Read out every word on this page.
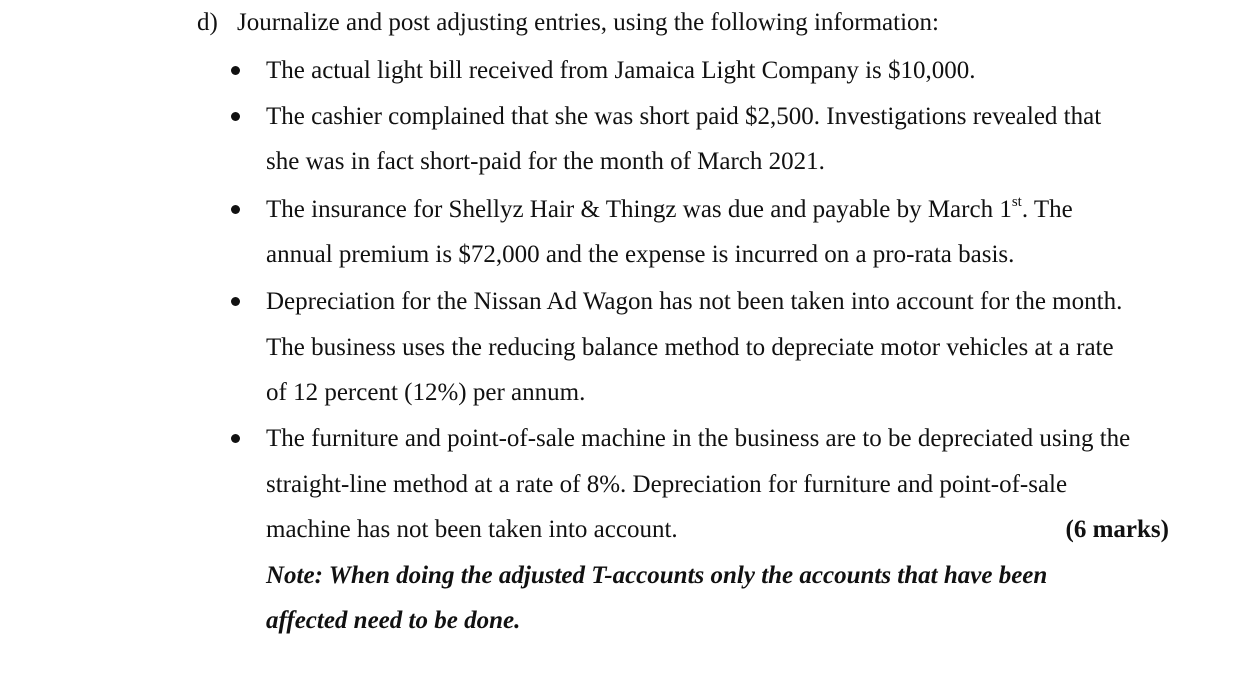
d) Journalize and post adjusting entries, using the following information:
The actual light bill received from Jamaica Light Company is $10,000.
The cashier complained that she was short paid $2,500. Investigations revealed that
she was in fact short-paid for the month of March 2021.
The insurance for Shellyz Hair & Thingz was due and payable by March 1st. The
annual premium is $72,000 and the expense is incurred on a pro-rata basis.
Depreciation for the Nissan Ad Wagon has not been taken into account for the month.
The business uses the reducing balance method to depreciate motor vehicles at a rate
of 12 percent (12%) per annum.
The furniture and point-of-sale machine in the business are to be depreciated using the
straight-line method at a rate of 8%. Depreciation for furniture and point-of-sale
machine has not been taken into account.	(6 marks)
Note: When doing the adjusted T-accounts only the accounts that have been
affected need to be done.
